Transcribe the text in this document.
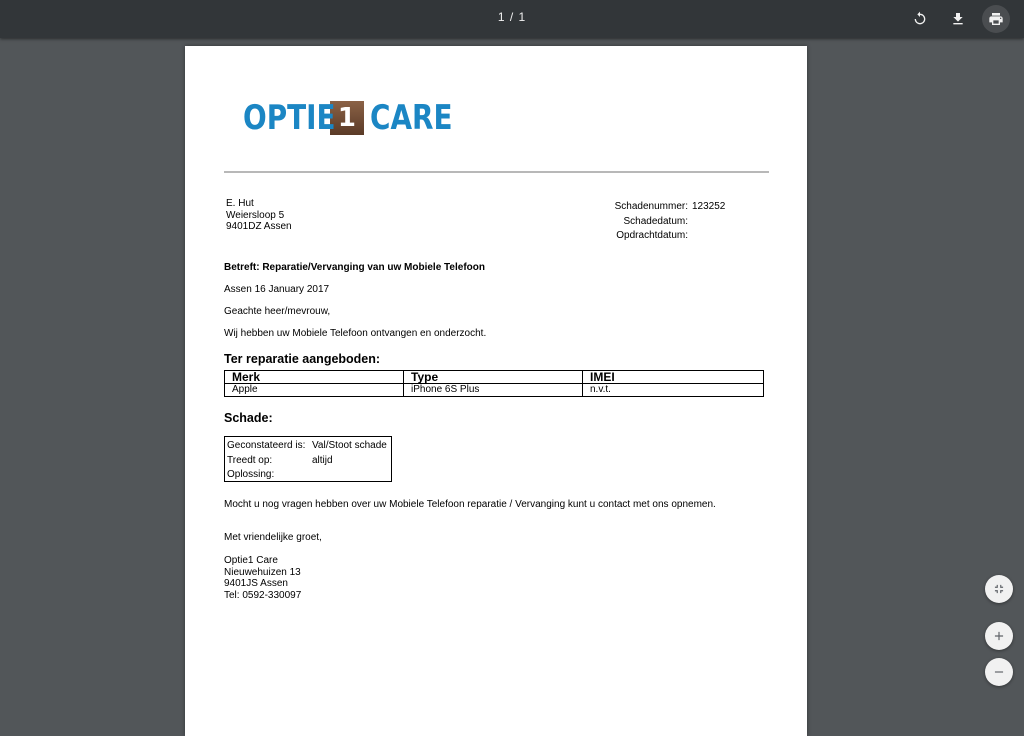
1 / 1
OPTIE 1 CARE
E. Hut
Weiersloop 5
9401DZ Assen
Schadenummer: 123252
Schadedatum:
Opdrachtdatum:
Betreft: Reparatie/Vervanging van uw Mobiele Telefoon
Assen 16 January 2017
Geachte heer/mevrouw,
Wij hebben uw Mobiele Telefoon ontvangen en onderzocht.
Ter reparatie aangeboden:
Merk	Type	IMEI
Apple	iPhone 6S Plus	n.v.t.
Schade:
Geconstateerd is: Val/Stoot schade
Treedt op:	altijd
Oplossing:
Mocht u nog vragen hebben over uw Mobiele Telefoon reparatie / Vervanging kunt u contact met ons opnemen.
Met vriendelijke groet,
Optie1 Care
Nieuwehuizen 13
9401JS Assen
Tel: 0592-330097
